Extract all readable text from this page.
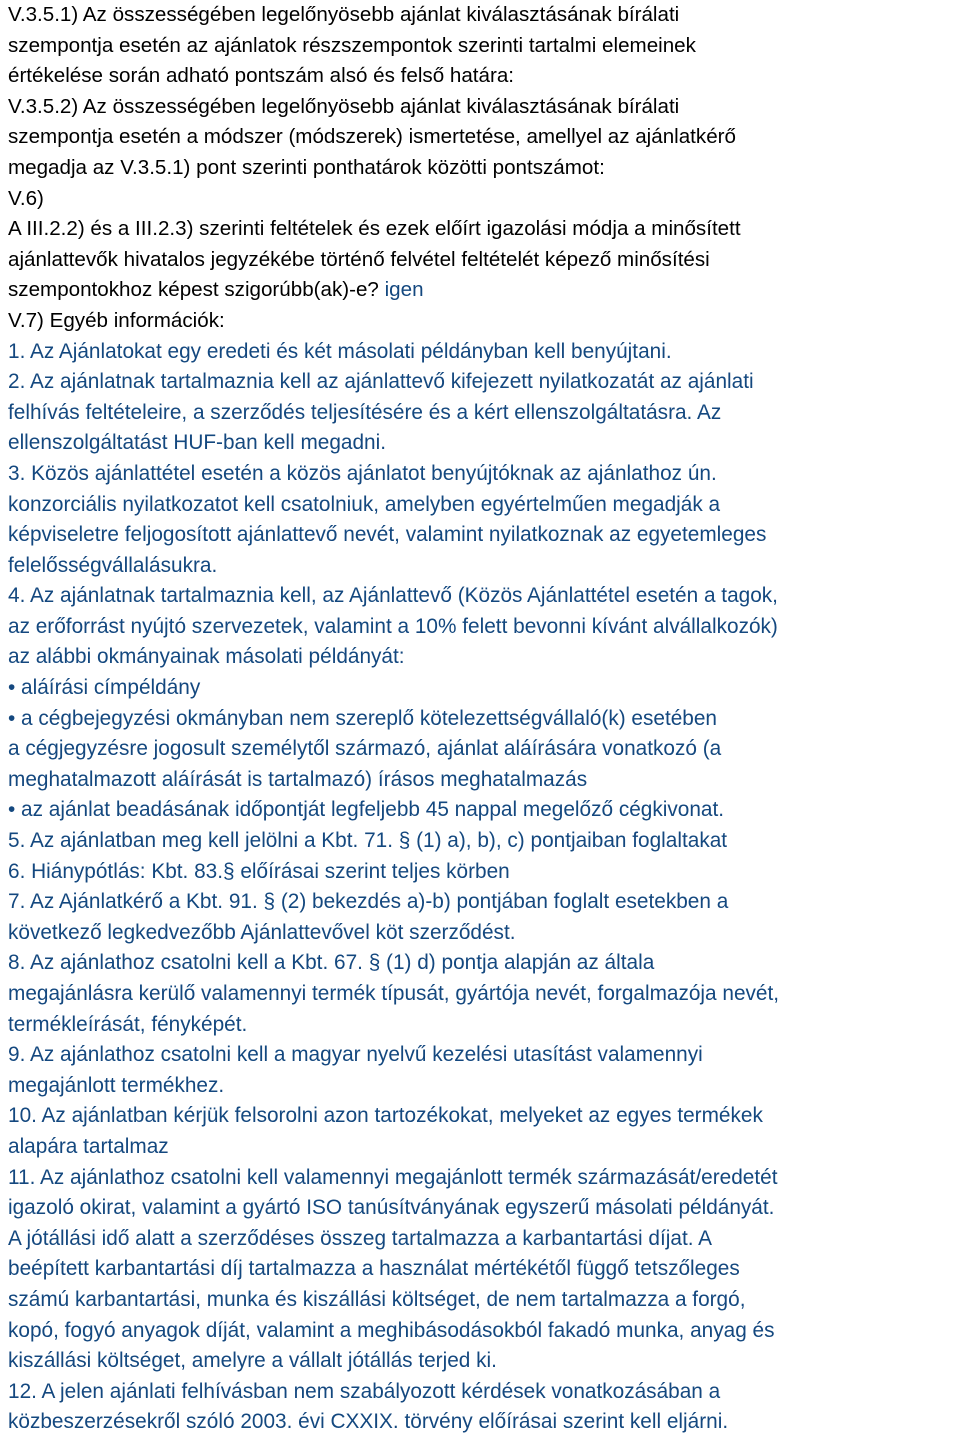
V.3.5.1) Az összességében legelőnyösebb ajánlat kiválasztásának bírálati
szempontja esetén az ajánlatok részszempontok szerinti tartalmi elemeinek
értékelése során adható pontszám alsó és felső határa:
V.3.5.2) Az összességében legelőnyösebb ajánlat kiválasztásának bírálati
szempontja esetén a módszer (módszerek) ismertetése, amellyel az ajánlatkérő
megadja az V.3.5.1) pont szerinti ponthatárok közötti pontszámot:
V.6)
A III.2.2) és a III.2.3) szerinti feltételek és ezek előírt igazolási módja a minősített
ajánlattevők hivatalos jegyzékébe történő felvétel feltételét képező minősítési
szempontokhoz képest szigorúbb(ak)-e? igen
V.7) Egyéb információk:
1. Az Ajánlatokat egy eredeti és két másolati példányban kell benyújtani.
2. Az ajánlatnak tartalmaznia kell az ajánlattevő kifejezett nyilatkozatát az ajánlati
felhívás feltételeire, a szerződés teljesítésére és a kért ellenszolgáltatásra. Az
ellenszolgáltatást HUF-ban kell megadni.
3. Közös ajánlattétel esetén a közös ajánlatot benyújtóknak az ajánlathoz ún.
konzorciális nyilatkozatot kell csatolniuk, amelyben egyértelműen megadják a
képviseletre feljogosított ajánlattevő nevét, valamint nyilatkoznak az egyetemleges
felelősségvállalásukra.
4. Az ajánlatnak tartalmaznia kell, az Ajánlattevő (Közös Ajánlattétel esetén a tagok,
az erőforrást nyújtó szervezetek, valamint a 10% felett bevonni kívánt alvállalkozók)
az alábbi okmányainak másolati példányát:
• aláírási címpéldány
• a cégbejegyzési okmányban nem szereplő kötelezettségvállaló(k) esetében
a cégjegyzésre jogosult személytől származó, ajánlat aláírására vonatkozó (a
meghatalmazott aláírását is tartalmazó) írásos meghatalmazás
• az ajánlat beadásának időpontját legfeljebb 45 nappal megelőző cégkivonat.
5. Az ajánlatban meg kell jelölni a Kbt. 71. § (1) a), b), c) pontjaiban foglaltakat
6. Hiánypótlás: Kbt. 83.§ előírásai szerint teljes körben
7. Az Ajánlatkérő a Kbt. 91. § (2) bekezdés a)-b) pontjában foglalt esetekben a
következő legkedvezőbb Ajánlattevővel köt szerződést.
8. Az ajánlathoz csatolni kell a Kbt. 67. § (1) d) pontja alapján az általa
megajánlásra kerülő valamennyi termék típusát, gyártója nevét, forgalmazója nevét,
termékleírását, fényképét.
9. Az ajánlathoz csatolni kell a magyar nyelvű kezelési utasítást valamennyi
megajánlott termékhez.
10. Az ajánlatban kérjük felsorolni azon tartozékokat, melyeket az egyes termékek
alapára tartalmaz
11. Az ajánlathoz csatolni kell valamennyi megajánlott termék származását/eredetét
igazoló okirat, valamint a gyártó ISO tanúsítványának egyszerű másolati példányát.
A jótállási idő alatt a szerződéses összeg tartalmazza a karbantartási díjat. A
beépített karbantartási díj tartalmazza a használat mértékétől függő tetszőleges
számú karbantartási, munka és kiszállási költséget, de nem tartalmazza a forgó,
kopó, fogyó anyagok díját, valamint a meghibásodásokból fakadó munka, anyag és
kiszállási költséget, amelyre a vállalt jótállás terjed ki.
12. A jelen ajánlati felhívásban nem szabályozott kérdések vonatkozásában a
közbeszerzésekről szóló 2003. évi CXXIX. törvény előírásai szerint kell eljárni.
